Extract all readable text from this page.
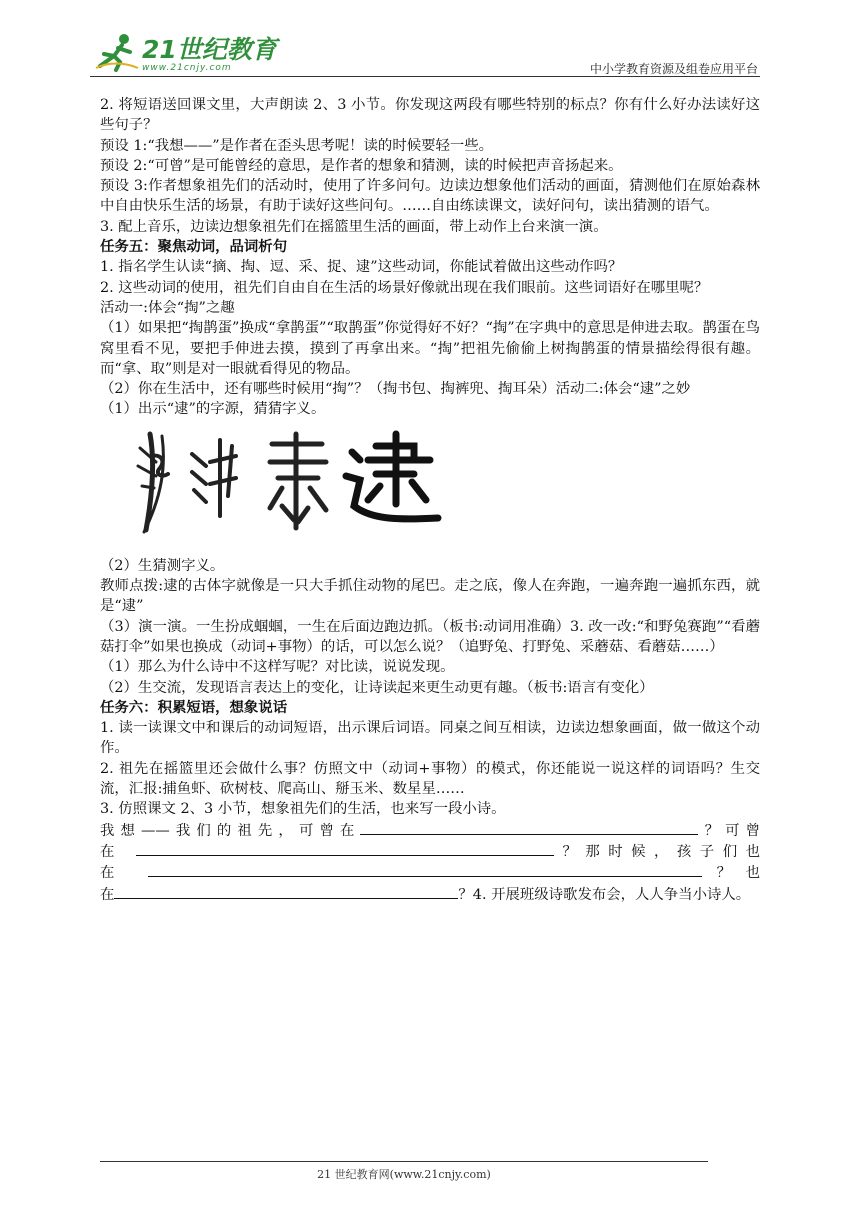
21世纪教育
www.21cnjy.com	中小学教育资源及组卷应用平台

2. 将短语送回课文里，大声朗读 2、3 小节。你发现这两段有哪些特别的标点？你有什么好办法读好这些句子？

预设 1:“我想——”是作者在歪头思考呢！读的时候要轻一些。

预设 2:“可曾”是可能曾经的意思，是作者的想象和猜测，读的时候把声音扬起来。

预设 3:作者想象祖先们的活动时，使用了许多问句。边读边想象他们活动的画面，猜测他们在原始森林中自由快乐生活的场景，有助于读好这些问句。……自由练读课文，读好问句，读出猜测的语气。

3. 配上音乐，边读边想象祖先们在摇篮里生活的画面，带上动作上台来演一演。

任务五：聚焦动词，品词析句

1. 指名学生认读“摘、掏、逗、采、捉、逮”这些动词，你能试着做出这些动作吗？

2. 这些动词的使用，祖先们自由自在生活的场景好像就出现在我们眼前。这些词语好在哪里呢？

活动一:体会“掏”之趣

（1）如果把“掏鹊蛋”换成“拿鹊蛋”“取鹊蛋”你觉得好不好？“掏”在字典中的意思是伸进去取。鹊蛋在鸟窝里看不见，要把手伸进去摸，摸到了再拿出来。“掏”把祖先偷偷上树掏鹊蛋的情景描绘得很有趣。而“拿、取”则是对一眼就看得见的物品。

（2）你在生活中，还有哪些时候用“掏”？（掏书包、掏裤兜、掏耳朵）活动二:体会“逮”之妙

（1）出示“逮”的字源，猜猜字义。

（2）生猜测字义。

教师点拨:逮的古体字就像是一只大手抓住动物的尾巴。走之底，像人在奔跑，一遍奔跑一遍抓东西，就是“逮”

（3）演一演。一生扮成蝈蝈，一生在后面边跑边抓。（板书:动词用准确）3. 改一改:“和野兔赛跑”“看蘑菇打伞”如果也换成（动词+事物）的话，可以怎么说？（追野兔、打野兔、采蘑菇、看蘑菇……）

（1）那么为什么诗中不这样写呢？对比读，说说发现。

（2）生交流，发现语言表达上的变化，让诗读起来更生动更有趣。（板书:语言有变化）

任务六：积累短语，想象说话

1. 读一读课文中和课后的动词短语，出示课后词语。同桌之间互相读，边读边想象画面，做一做这个动作。

2. 祖先在摇篮里还会做什么事？仿照文中（动词+事物）的模式，你还能说一说这样的词语吗？生交流，汇报:捕鱼虾、砍树枝、爬高山、掰玉米、数星星……

3. 仿照课文 2、3 小节，想象祖先们的生活，也来写一段小诗。

我想——我们的祖先，可曾在	？可曾

在	？那时候，孩子们也

在	？也

在	？4. 开展班级诗歌发布会，人人争当小诗人。

21 世纪教育网(www.21cnjy.com)
